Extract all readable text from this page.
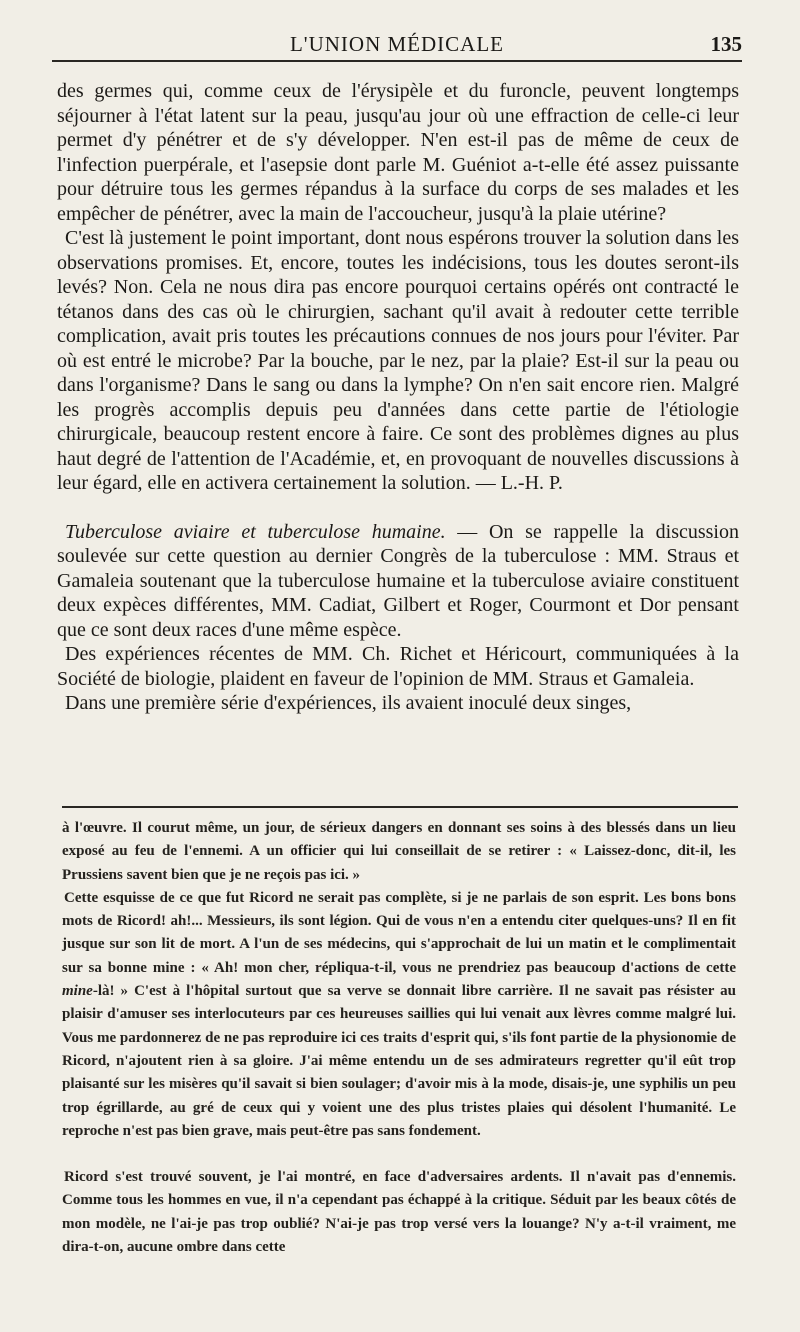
L'UNION MÉDICALE	135

des germes qui, comme ceux de l'érysipèle et du furoncle, peuvent longtemps séjourner à l'état latent sur la peau, jusqu'au jour où une effraction de celle-ci leur permet d'y pénétrer et de s'y développer. N'en est-il pas de même de ceux de l'infection puerpérale, et l'asepsie dont parle M. Guéniot a-t-elle été assez puissante pour détruire tous les germes répandus à la surface du corps de ses malades et les empêcher de pénétrer, avec la main de l'accoucheur, jusqu'à la plaie utérine?

C'est là justement le point important, dont nous espérons trouver la solution dans les observations promises. Et, encore, toutes les indécisions, tous les doutes seront-ils levés? Non. Cela ne nous dira pas encore pourquoi certains opérés ont contracté le tétanos dans des cas où le chirurgien, sachant qu'il avait à redouter cette terrible complication, avait pris toutes les précautions connues de nos jours pour l'éviter. Par où est entré le microbe? Par la bouche, par le nez, par la plaie? Est-il sur la peau ou dans l'organisme? Dans le sang ou dans la lymphe? On n'en sait encore rien. Malgré les progrès accomplis depuis peu d'années dans cette partie de l'étiologie chirurgicale, beaucoup restent encore à faire. Ce sont des problèmes dignes au plus haut degré de l'attention de l'Académie, et, en provoquant de nouvelles discussions à leur égard, elle en activera certainement la solution. — L.-H. P.

Tuberculose aviaire et tuberculose humaine. — On se rappelle la discussion soulevée sur cette question au dernier Congrès de la tuberculose : MM. Straus et Gamaleia soutenant que la tuberculose humaine et la tuberculose aviaire constituent deux expèces différentes, MM. Cadiat, Gilbert et Roger, Courmont et Dor pensant que ce sont deux races d'une même espèce.

Des expériences récentes de MM. Ch. Richet et Héricourt, communiquées à la Société de biologie, plaident en faveur de l'opinion de MM. Straus et Gamaleia.

Dans une première série d'expériences, ils avaient inoculé deux singes,

à l'œuvre. Il courut même, un jour, de sérieux dangers en donnant ses soins à des blessés dans un lieu exposé au feu de l'ennemi. A un officier qui lui conseillait de se retirer : « Laissez-donc, dit-il, les Prussiens savent bien que je ne reçois pas ici. »

Cette esquisse de ce que fut Ricord ne serait pas complète, si je ne parlais de son esprit. Les bons bons mots de Ricord! ah!... Messieurs, ils sont légion. Qui de vous n'en a entendu citer quelques-uns? Il en fit jusque sur son lit de mort. A l'un de ses médecins, qui s'approchait de lui un matin et le complimentait sur sa bonne mine : « Ah! mon cher, répliqua-t-il, vous ne prendriez pas beaucoup d'actions de cette mine-là! » C'est à l'hôpital surtout que sa verve se donnait libre carrière. Il ne savait pas résister au plaisir d'amuser ses interlocuteurs par ces heureuses saillies qui lui venait aux lèvres comme malgré lui. Vous me pardonnerez de ne pas reproduire ici ces traits d'esprit qui, s'ils font partie de la physionomie de Ricord, n'ajoutent rien à sa gloire. J'ai même entendu un de ses admirateurs regretter qu'il eût trop plaisanté sur les misères qu'il savait si bien soulager; d'avoir mis à la mode, disais-je, une syphilis un peu trop égrillarde, au gré de ceux qui y voient une des plus tristes plaies qui désolent l'humanité. Le reproche n'est pas bien grave, mais peut-être pas sans fondement.

Ricord s'est trouvé souvent, je l'ai montré, en face d'adversaires ardents. Il n'avait pas d'ennemis. Comme tous les hommes en vue, il n'a cependant pas échappé à la critique. Séduit par les beaux côtés de mon modèle, ne l'ai-je pas trop oublié? N'ai-je pas trop versé vers la louange? N'y a-t-il vraiment, me dira-t-on, aucune ombre dans cette
